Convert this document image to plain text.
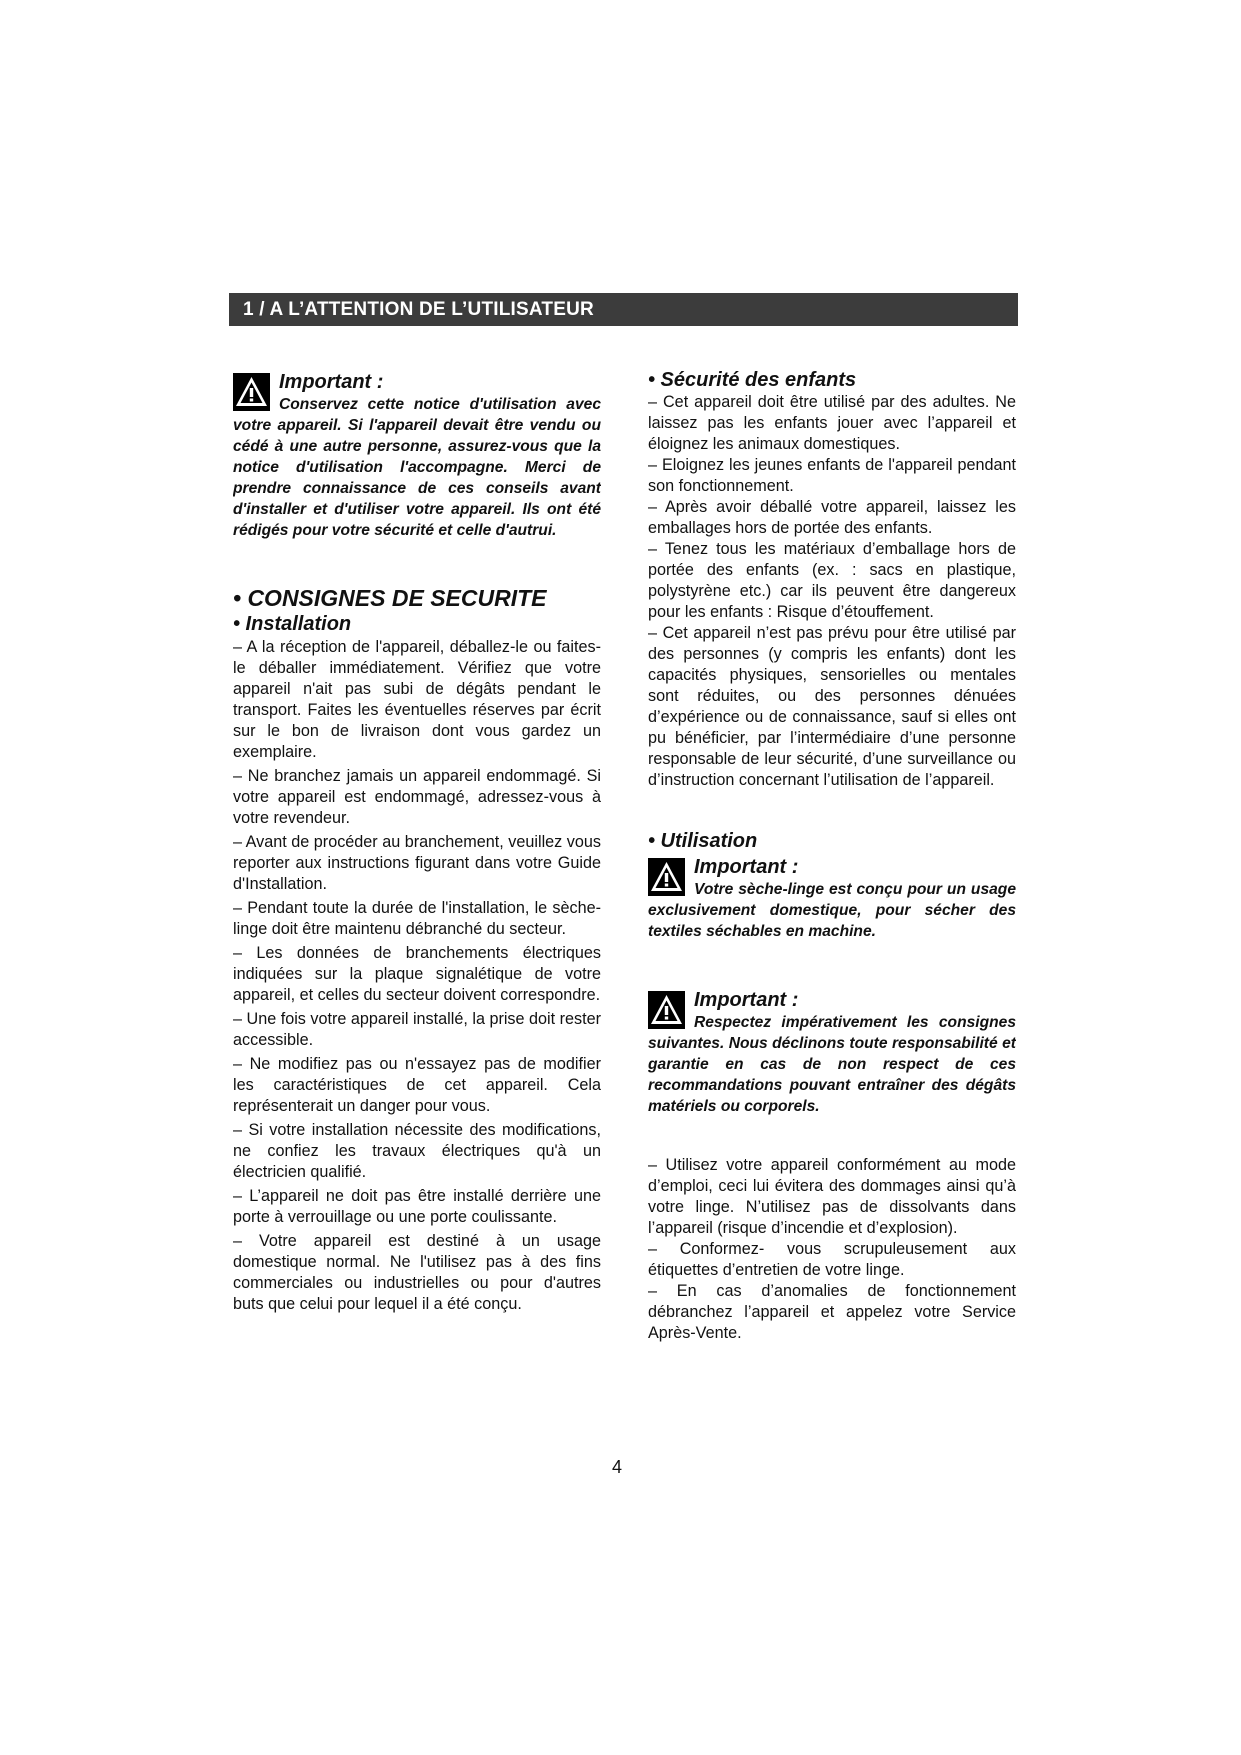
1 / A L’ATTENTION DE L’UTILISATEUR
Important :
Conservez cette notice d'utilisation avec votre appareil. Si l'appareil devait être vendu ou cédé à une autre personne, assurez-vous que la notice d'utilisation l'accompagne. Merci de prendre connaissance de ces conseils avant d'installer et d'utiliser votre appareil. Ils ont été rédigés pour votre sécurité et celle d'autrui.
• CONSIGNES DE SECURITE
• Installation

– A la réception de l'appareil, déballez-le ou faites-le déballer immédiatement. Vérifiez que votre appareil n'ait pas subi de dégâts pendant le transport. Faites les éventuelles réserves par écrit sur le bon de livraison dont vous gardez un exemplaire.

– Ne branchez jamais un appareil endommagé. Si votre appareil est endommagé, adressez-vous à votre revendeur.

– Avant de procéder au branchement, veuillez vous reporter aux instructions figurant dans votre Guide d'Installation.

– Pendant toute la durée de l'installation, le sèche-linge doit être maintenu débranché du secteur.

– Les données de branchements électriques indiquées sur la plaque signalétique de votre appareil, et celles du secteur doivent correspondre.

– Une fois votre appareil installé, la prise doit rester accessible.

– Ne modifiez pas ou n'essayez pas de modifier les caractéristiques de cet appareil. Cela représenterait un danger pour vous.

– Si votre installation nécessite des modifications, ne confiez les travaux électriques qu'à un électricien qualifié.

– L’appareil ne doit pas être installé derrière une porte à verrouillage ou une porte coulissante.

– Votre appareil est destiné à un usage domestique normal. Ne l'utilisez pas à des fins commerciales ou industrielles ou pour d'autres buts que celui pour lequel il a été conçu.

• Sécurité des enfants

– Cet appareil doit être utilisé par des adultes. Ne laissez pas les enfants jouer avec l’appareil et éloignez les animaux domestiques.

– Eloignez les jeunes enfants de l'appareil pendant son fonctionnement.

– Après avoir déballé votre appareil, laissez les emballages hors de portée des enfants.

– Tenez tous les matériaux d’emballage hors de portée des enfants (ex. : sacs en plastique, polystyrène etc.) car ils peuvent être dangereux pour les enfants : Risque d’étouffement.

– Cet appareil n’est pas prévu pour être utilisé par des personnes (y compris les enfants) dont les capacités physiques, sensorielles ou mentales sont réduites, ou des personnes dénuées d’expérience ou de connaissance, sauf si elles ont pu bénéficier, par l’intermédiaire d’une personne responsable de leur sécurité, d’une surveillance ou d’instruction concernant l’utilisation de l’appareil.

• Utilisation
Important :
Votre sèche-linge est conçu pour un usage exclusivement domestique, pour sécher des textiles séchables en machine.
Important :
Respectez impérativement les consignes suivantes. Nous déclinons toute responsabilité et garantie en cas de non respect de ces recommandations pouvant entraîner des dégâts matériels ou corporels.

– Utilisez votre appareil conformément au mode d’emploi, ceci lui évitera des dommages ainsi qu’à votre linge. N’utilisez pas de dissolvants dans l’appareil (risque d’incendie et d’explosion).

– Conformez- vous scrupuleusement aux étiquettes d’entretien de votre linge.

– En cas d’anomalies de fonctionnement débranchez l’appareil et appelez votre Service Après-Vente.

4
